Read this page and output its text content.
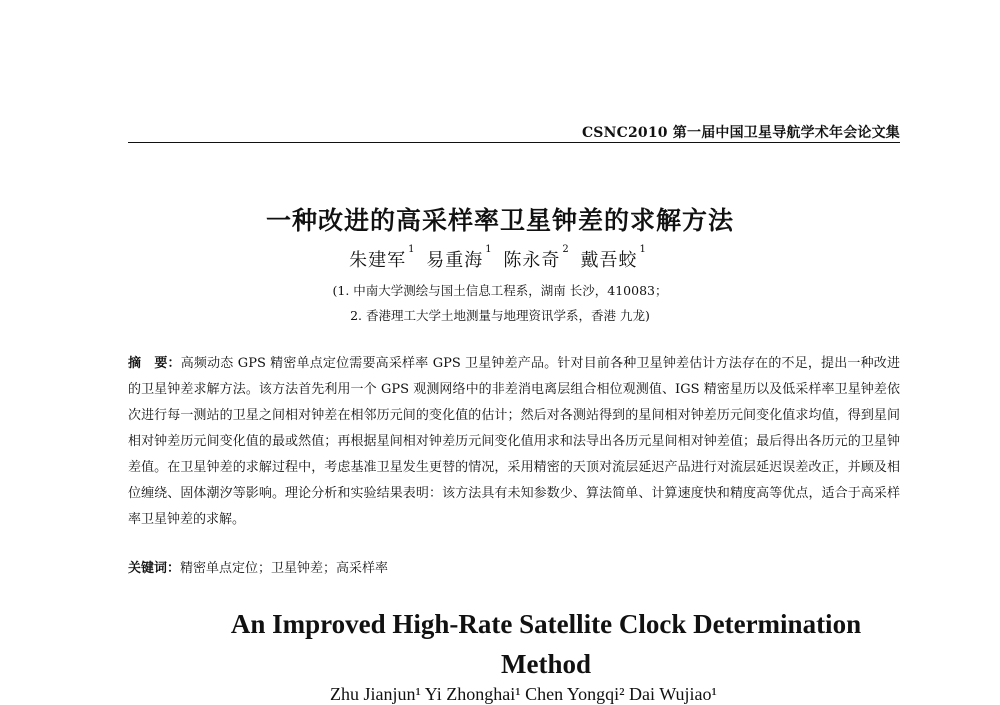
CSNC2010 第一届中国卫星导航学术年会论文集
一种改进的高采样率卫星钟差的求解方法
朱建军$^1$ 易重海$^1$ 陈永奇$^2$ 戴吾蛟$^1$
(1. 中南大学测绘与国土信息工程系，湖南 长沙，410083；
2. 香港理工大学土地测量与地理资讯学系，香港 九龙)
摘　要：高频动态 GPS 精密单点定位需要高采样率 GPS 卫星钟差产品。针对目前各种卫星钟差估计方法存在的不足，提出一种改进的卫星钟差求解方法。该方法首先利用一个 GPS 观测网络中的非差消电离层组合相位观测值、IGS 精密星历以及低采样率卫星钟差依次进行每一测站的卫星之间相对钟差在相邻历元间的变化值的估计；然后对各测站得到的星间相对钟差历元间变化值求均值，得到星间相对钟差历元间变化值的最或然值；再根据星间相对钟差历元间变化值用求和法导出各历元星间相对钟差值；最后得出各历元的卫星钟差值。在卫星钟差的求解过程中，考虑基准卫星发生更替的情况，采用精密的天顶对流层延迟产品进行对流层延迟误差改正，并顾及相位缠绕、固体潮汐等影响。理论分析和实验结果表明：该方法具有未知参数少、算法简单、计算速度快和精度高等优点，适合于高采样率卫星钟差的求解。
关键词：精密单点定位；卫星钟差；高采样率
An Improved High-Rate Satellite Clock Determination
Method
Zhu Jianjun¹ Yi Zhonghai¹ Chen Yongqi² Dai Wujiao¹
